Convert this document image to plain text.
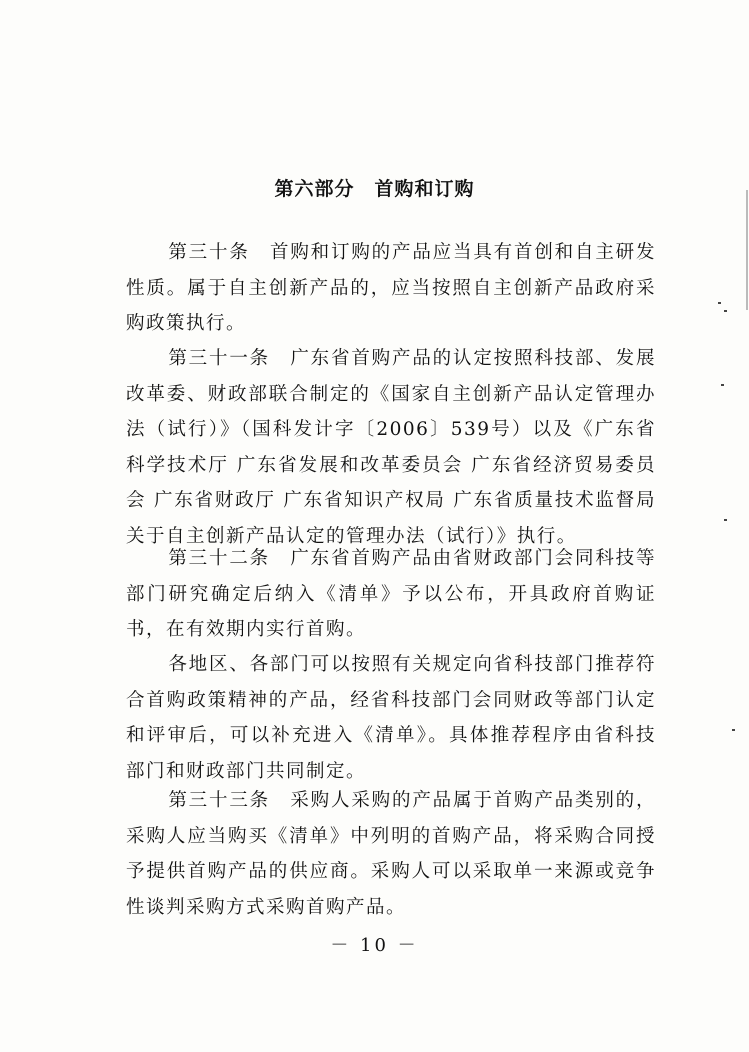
第六部分　首购和订购
第三十条　首购和订购的产品应当具有首创和自主研发性质。属于自主创新产品的，应当按照自主创新产品政府采购政策执行。
第三十一条　广东省首购产品的认定按照科技部、发展改革委、财政部联合制定的《国家自主创新产品认定管理办法（试行）》（国科发计字〔2006〕539号）以及《广东省科学技术厅 广东省发展和改革委员会 广东省经济贸易委员会 广东省财政厅 广东省知识产权局 广东省质量技术监督局关于自主创新产品认定的管理办法（试行）》执行。
第三十二条　广东省首购产品由省财政部门会同科技等部门研究确定后纳入《清单》予以公布，开具政府首购证书，在有效期内实行首购。
各地区、各部门可以按照有关规定向省科技部门推荐符合首购政策精神的产品，经省科技部门会同财政等部门认定和评审后，可以补充进入《清单》。具体推荐程序由省科技部门和财政部门共同制定。
第三十三条　采购人采购的产品属于首购产品类别的，采购人应当购买《清单》中列明的首购产品，将采购合同授予提供首购产品的供应商。采购人可以采取单一来源或竞争性谈判采购方式采购首购产品。
－ 10 －
